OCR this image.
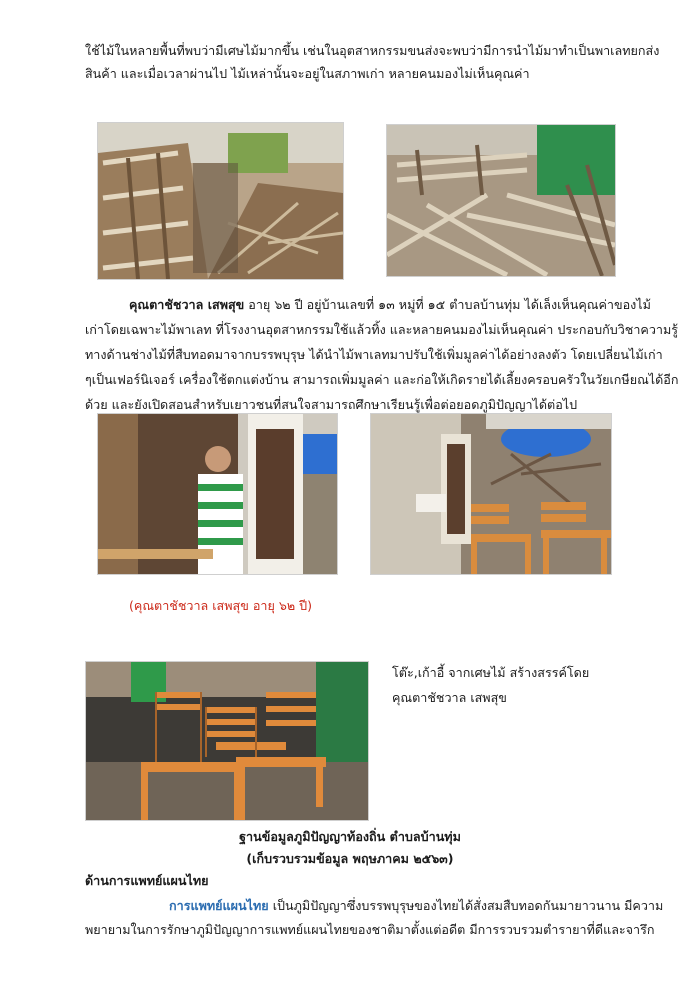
ใช้ไม้ในหลายพื้นที่พบว่ามีเศษไม้มากขึ้น เช่นในอุตสาหกรรมขนส่งจะพบว่ามีการนำไม้มาทำเป็นพาเลทยกส่ง
สินค้า และเมื่อเวลาผ่านไป ไม้เหล่านั้นจะอยู่ในสภาพเก่า หลายคนมองไม่เห็นคุณค่า
คุณตาชัชวาล เสพสุข อายุ ๖๒ ปี อยู่บ้านเลขที่ ๑๓ หมู่ที่ ๑๕ ตำบลบ้านทุ่ม ได้เล็งเห็นคุณค่าของไม้
เก่าโดยเฉพาะไม้พาเลท ที่โรงงานอุตสาหกรรมใช้แล้วทิ้ง และหลายคนมองไม่เห็นคุณค่า ประกอบกับวิชาความรู้
ทางด้านช่างไม้ที่สืบทอดมาจากบรรพบุรุษ ได้นำไม้พาเลทมาปรับใช้เพิ่มมูลค่าได้อย่างลงตัว โดยเปลี่ยนไม้เก่า
ๆเป็นเฟอร์นิเจอร์ เครื่องใช้ตกแต่งบ้าน สามารถเพิ่มมูลค่า และก่อให้เกิดรายได้เลี้ยงครอบครัวในวัยเกษียณได้อีก
ด้วย และยังเปิดสอนสำหรับเยาวชนที่สนใจสามารถศึกษาเรียนรู้เพื่อต่อยอดภูมิปัญญาได้ต่อไป
(คุณตาชัชวาล เสพสุข อายุ ๖๒ ปี)
โต๊ะ,เก้าอี้ จากเศษไม้ สร้างสรรค์โดย
คุณตาชัชวาล เสพสุข
ฐานข้อมูลภูมิปัญญาท้องถิ่น ตำบลบ้านทุ่ม
(เก็บรวบรวมข้อมูล พฤษภาคม ๒๕๖๓)
ด้านการแพทย์แผนไทย
การแพทย์แผนไทย เป็นภูมิปัญญาซึ่งบรรพบุรุษของไทยได้สั่งสมสืบทอดกันมายาวนาน มีความ
พยายามในการรักษาภูมิปัญญาการแพทย์แผนไทยของชาติมาตั้งแต่อดีต มีการรวบรวมตำรายาที่ดีและจารึก
